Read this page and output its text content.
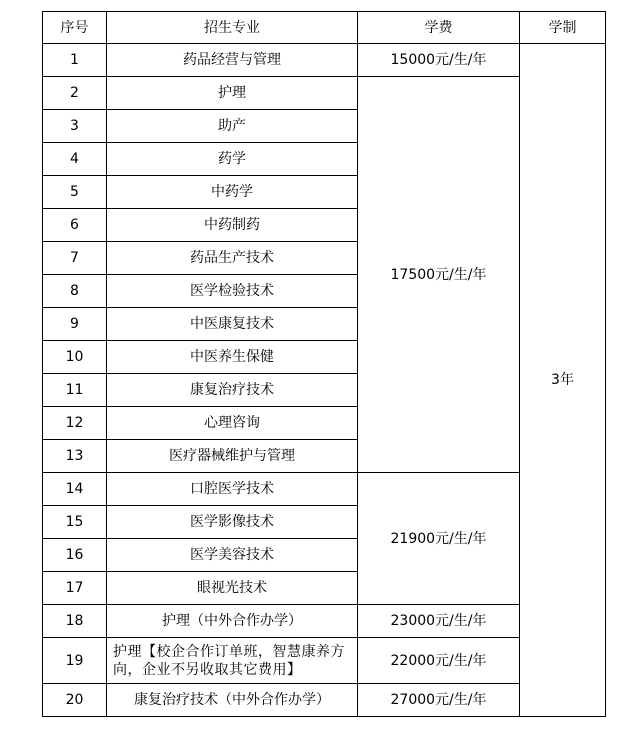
序号	招生专业	学费	学制
1	药品经营与管理	15000元/生/年	3年
2	护理	17500元/生/年	
3	助产		
4	药学		
5	中药学		
6	中药制药		
7	药品生产技术		
8	医学检验技术		
9	中医康复技术		
10	中医养生保健		
11	康复治疗技术		
12	心理咨询		
13	医疗器械维护与管理		
14	口腔医学技术	21900元/生/年	
15	医学影像技术		
16	医学美容技术		
17	眼视光技术		
18	护理（中外合作办学）	23000元/生/年	
19	护理【校企合作订单班，智慧康养方向，企业不另收取其它费用】	22000元/生/年	
20	康复治疗技术（中外合作办学）	27000元/生/年	
